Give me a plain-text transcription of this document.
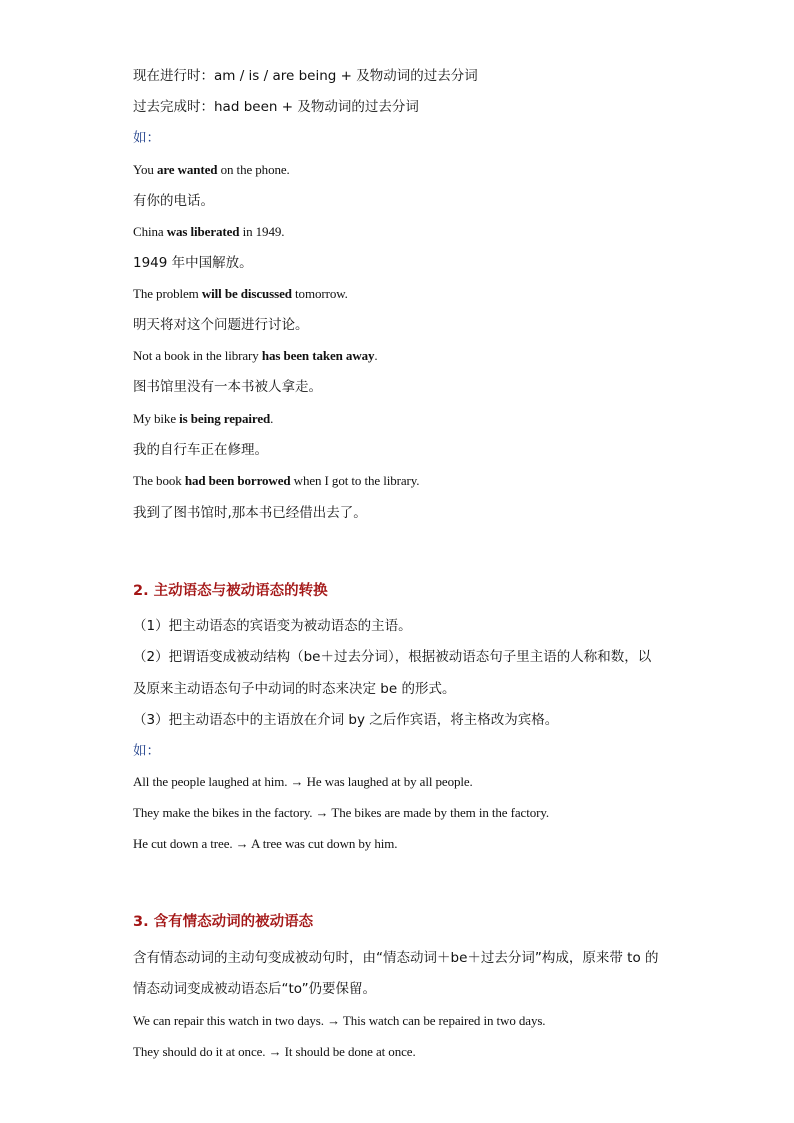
现在进行时：am / is / are being + 及物动词的过去分词
过去完成时：had been + 及物动词的过去分词
如：
You are wanted on the phone.
有你的电话。
China was liberated in 1949.
1949 年中国解放。
The problem will be discussed tomorrow.
明天将对这个问题进行讨论。
Not a book in the library has been taken away.
图书馆里没有一本书被人拿走。
My bike is being repaired.
我的自行车正在修理。
The book had been borrowed when I got to the library.
我到了图书馆时,那本书已经借出去了。
2. 主动语态与被动语态的转换
（1）把主动语态的宾语变为被动语态的主语。
（2）把谓语变成被动结构（be＋过去分词），根据被动语态句子里主语的人称和数，以
及原来主动语态句子中动词的时态来决定 be 的形式。
（3）把主动语态中的主语放在介词 by 之后作宾语，将主格改为宾格。
如：
All the people laughed at him. → He was laughed at by all people.
They make the bikes in the factory. → The bikes are made by them in the factory.
He cut down a tree. → A tree was cut down by him.
3. 含有情态动词的被动语态
含有情态动词的主动句变成被动句时，由“情态动词＋be＋过去分词”构成，原来带 to 的
情态动词变成被动语态后“to”仍要保留。
We can repair this watch in two days. → This watch can be repaired in two days.
They should do it at once. → It should be done at once.
